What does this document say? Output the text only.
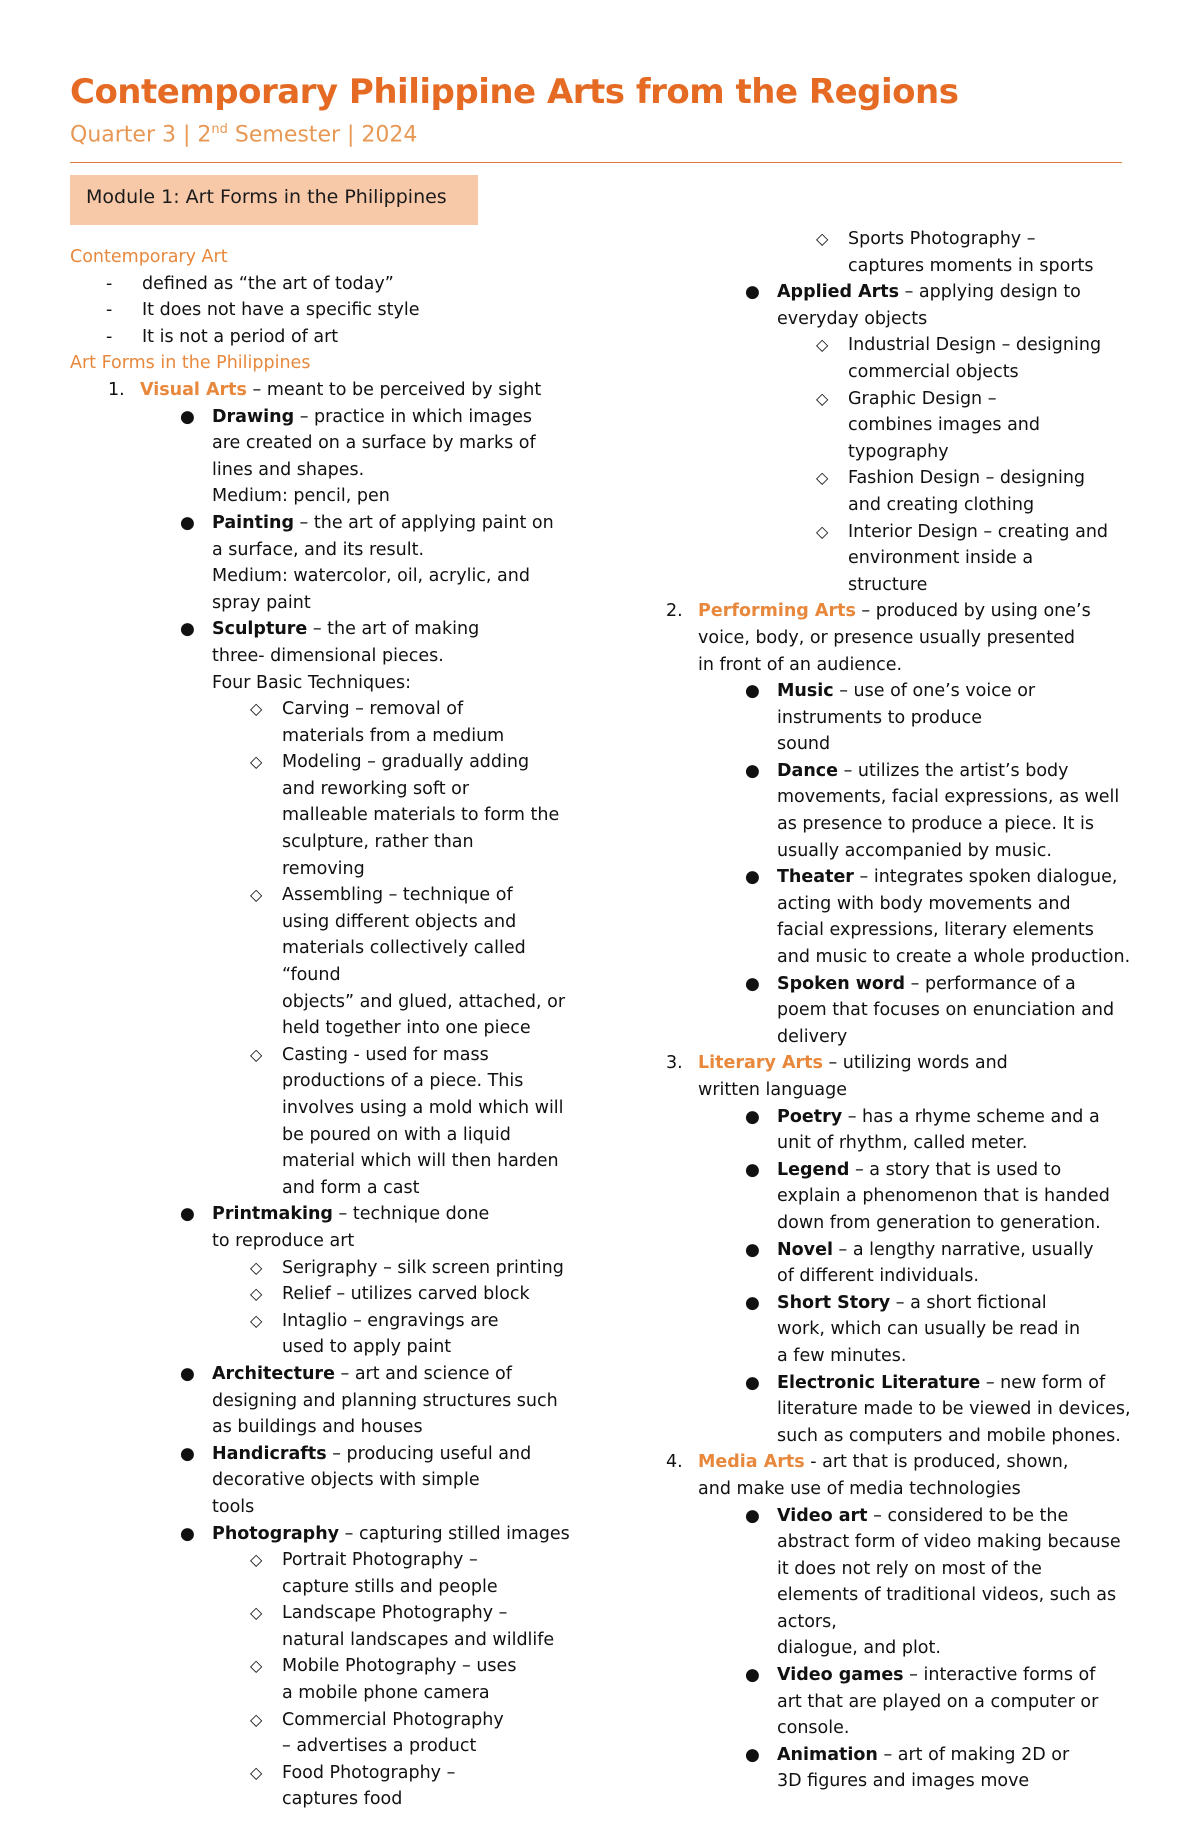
Contemporary Philippine Arts from the Regions
Quarter 3 | 2nd Semester | 2024
Module 1: Art Forms in the Philippines
Contemporary Art
- defined as “the art of today”
- It does not have a specific style
- It is not a period of art
Art Forms in the Philippines
1. Visual Arts – meant to be perceived by sight
● Drawing – practice in which images
are created on a surface by marks of
lines and shapes.
Medium: pencil, pen
● Painting – the art of applying paint on
a surface, and its result.
Medium: watercolor, oil, acrylic, and
spray paint
● Sculpture – the art of making
three- dimensional pieces.
Four Basic Techniques:
◇ Carving – removal of
materials from a medium
◇ Modeling – gradually adding
and reworking soft or
malleable materials to form the
sculpture, rather than
removing
◇ Assembling – technique of
using different objects and
materials collectively called
“found
objects” and glued, attached, or
held together into one piece
◇ Casting - used for mass
productions of a piece. This
involves using a mold which will
be poured on with a liquid
material which will then harden
and form a cast
● Printmaking – technique done
to reproduce art
◇ Serigraphy – silk screen printing
◇ Relief – utilizes carved block
◇ Intaglio – engravings are
used to apply paint
● Architecture – art and science of
designing and planning structures such
as buildings and houses
● Handicrafts – producing useful and
decorative objects with simple
tools
● Photography – capturing stilled images
◇ Portrait Photography –
capture stills and people
◇ Landscape Photography –
natural landscapes and wildlife
◇ Mobile Photography – uses
a mobile phone camera
◇ Commercial Photography
– advertises a product
◇ Food Photography –
captures food
◇ Sports Photography –
captures moments in sports
● Applied Arts – applying design to
everyday objects
◇ Industrial Design – designing
commercial objects
◇ Graphic Design –
combines images and
typography
◇ Fashion Design – designing
and creating clothing
◇ Interior Design – creating and
environment inside a
structure
2. Performing Arts – produced by using one’s
voice, body, or presence usually presented
in front of an audience.
● Music – use of one’s voice or
instruments to produce
sound
● Dance – utilizes the artist’s body
movements, facial expressions, as well
as presence to produce a piece. It is
usually accompanied by music.
● Theater – integrates spoken dialogue,
acting with body movements and
facial expressions, literary elements
and music to create a whole production.
● Spoken word – performance of a
poem that focuses on enunciation and
delivery
3. Literary Arts – utilizing words and
written language
● Poetry – has a rhyme scheme and a
unit of rhythm, called meter.
● Legend – a story that is used to
explain a phenomenon that is handed
down from generation to generation.
● Novel – a lengthy narrative, usually
of different individuals.
● Short Story – a short fictional
work, which can usually be read in
a few minutes.
● Electronic Literature – new form of
literature made to be viewed in devices,
such as computers and mobile phones.
4. Media Arts - art that is produced, shown,
and make use of media technologies
● Video art – considered to be the
abstract form of video making because
it does not rely on most of the
elements of traditional videos, such as
actors,
dialogue, and plot.
● Video games – interactive forms of
art that are played on a computer or
console.
● Animation – art of making 2D or
3D figures and images move
